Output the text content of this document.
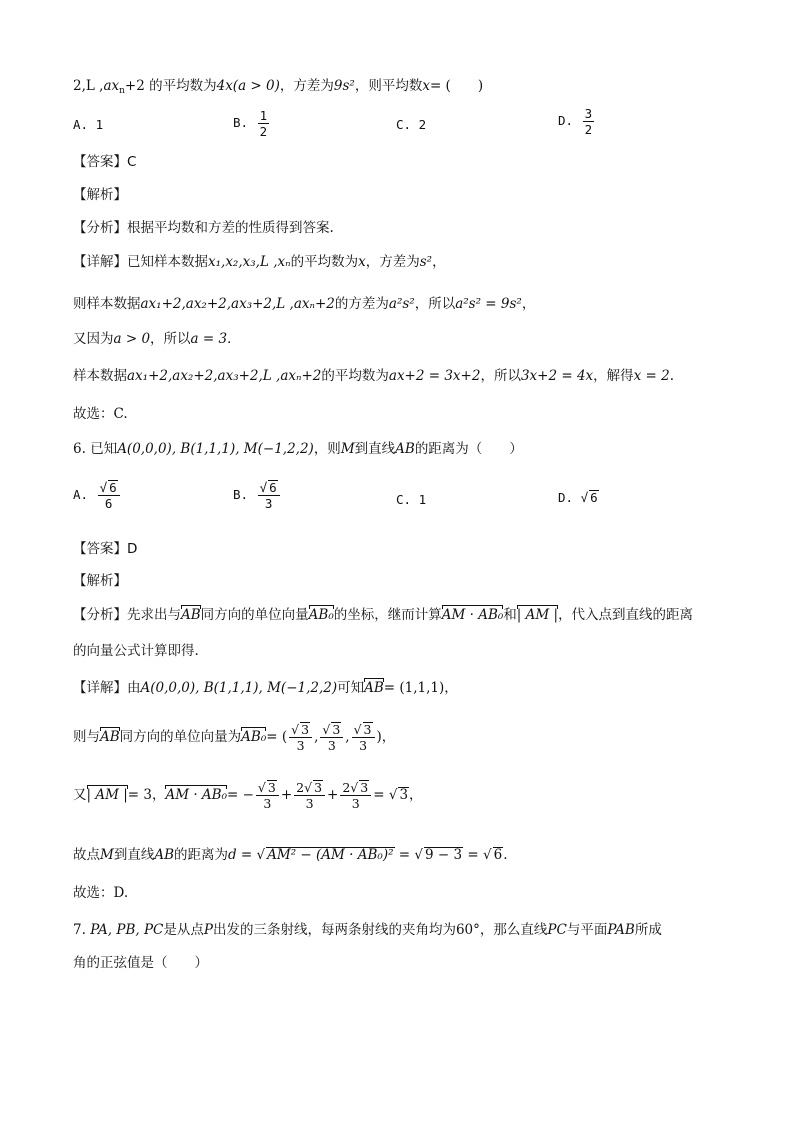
2,L $,ax_n+2$ 的平均数为4x(a > 0)，方差为9s²，则平均数x= (　　)
A. 1	B. $\frac{1}{2}$	C. 2	D. $\frac{3}{2}$
【答案】C
【解析】
【分析】根据平均数和方差的性质得到答案.
【详解】已知样本数据x₁,x₂,x₃,L ,xₙ的平均数为x，方差为s²，
则样本数据ax₁+2,ax₂+2,ax₃+2,L ,axₙ+2的方差为a²s²，所以a²s² = 9s²，
又因为a > 0，所以a = 3．
样本数据ax₁+2,ax₂+2,ax₃+2,L ,axₙ+2的平均数为ax+2 = 3x+2，所以3x+2 = 4x，解得x = 2.
故选：C.
6. 已知A(0,0,0), B(1,1,1), M(−1,2,2)，则M到直线AB的距离为（　　）
A. $\frac{√ 6}{6}$	B. $\frac{√ 6}{3}$	C. 1	D. √ 6
【答案】D
【解析】
【分析】先求出与AB同方向的单位向量AB₀的坐标，继而计算AM · AB₀和| AM |，代入点到直线的距离
的向量公式计算即得.
【详解】由A(0,0,0), B(1,1,1), M(−1,2,2)可知AB= (1,1,1)，
则与AB同方向的单位向量为AB₀= ( $\frac{√ 3}{3}$ , $\frac{√ 3}{3}$ , $\frac{√ 3}{3}$ )，
又| AM |= 3，AM · $AB_0= - \frac{√ 3}{3} + \frac{2√ 3}{3} + \frac{2√ 3}{3}$ = √ 3，
故点M到直线AB的距离为d = √ AM² − (AM · AB₀)² = √ 9 − 3 = √ 6.
故选：D.
7. PA, PB, PC是从点P出发的三条射线，每两条射线的夹角均为60°，那么直线PC与平面PAB所成
角的正弦值是（　　）
